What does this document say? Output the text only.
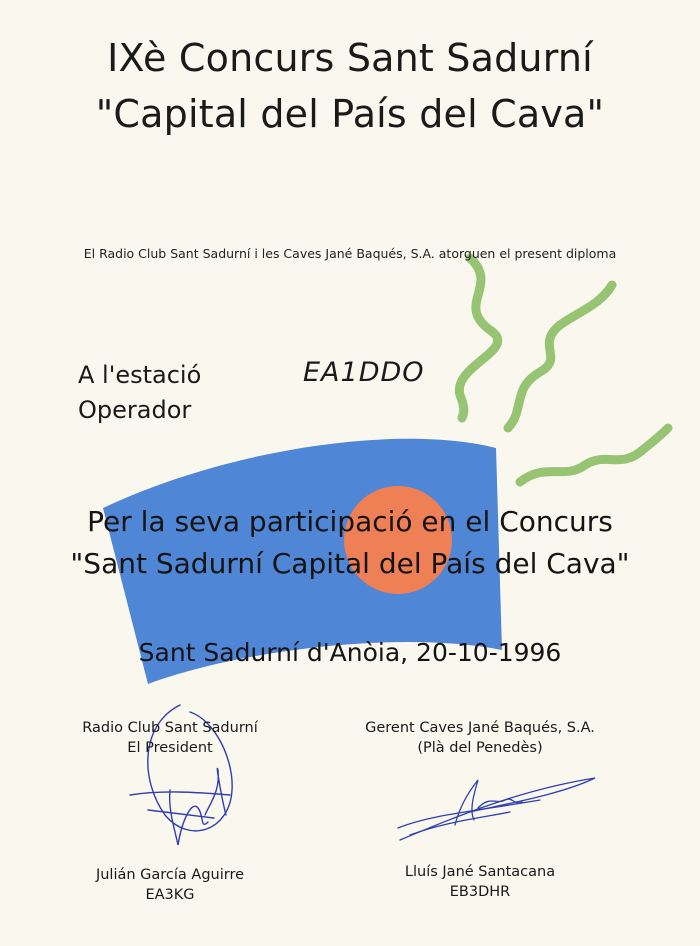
IXè Concurs Sant Sadurní
"Capital del País del Cava"
El Radio Club Sant Sadurní i les Caves Jané Baqués, S.A. atorguen el present diploma
A l'estació
Operador
EA1DDO
Per la seva participació en el Concurs
"Sant Sadurní Capital del País del Cava"
Sant Sadurní d'Anòia, 20-10-1996
Radio Club Sant Sadurní
El President
Julián García Aguirre
EA3KG
Gerent Caves Jané Baqués, S.A.
(Plà del Penedès)
Lluís Jané Santacana
EB3DHR
